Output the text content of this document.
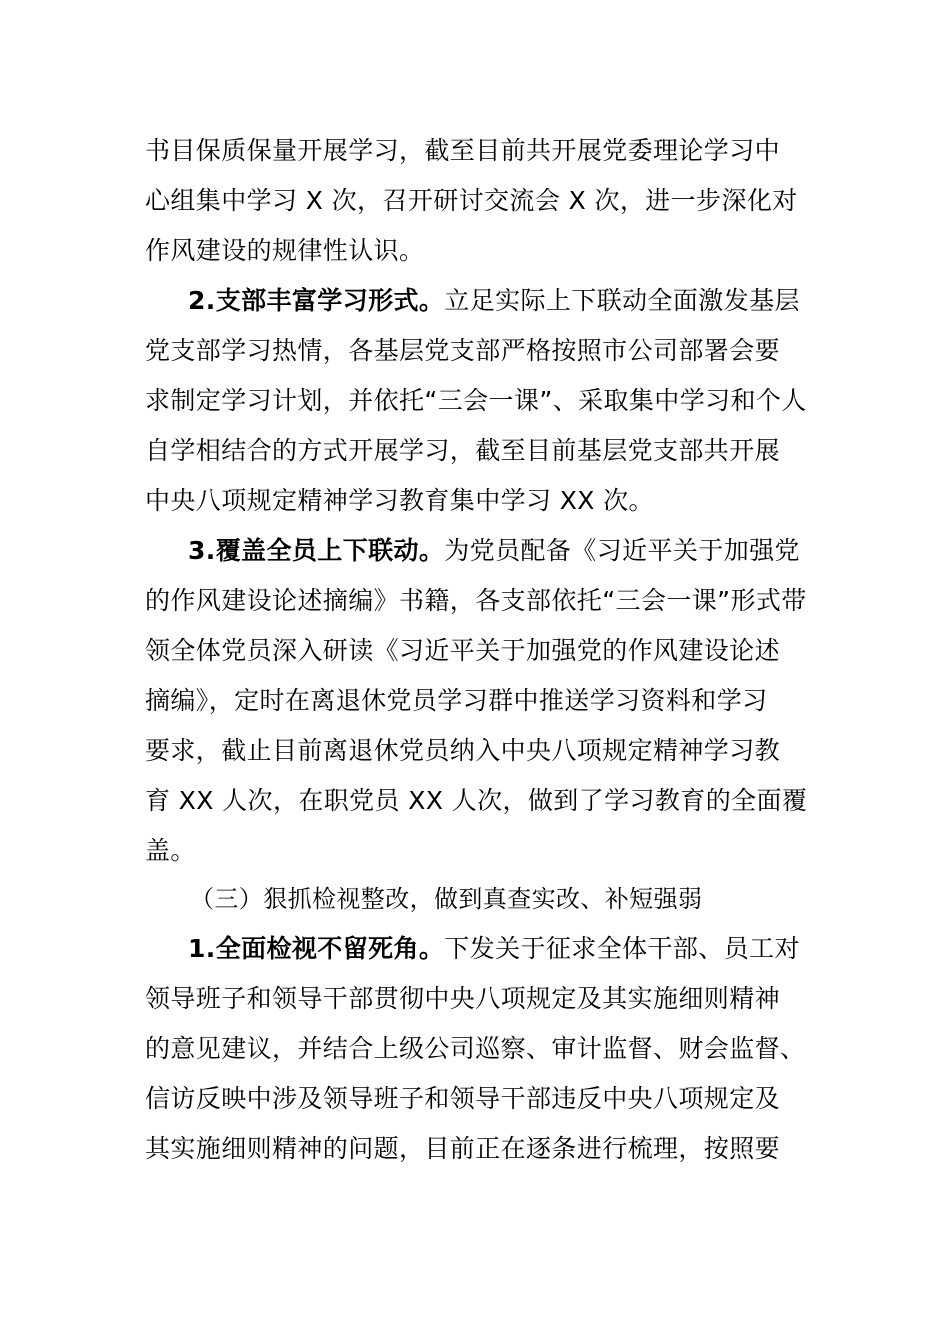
书目保质保量开展学习，截至目前共开展党委理论学习中
心组集中学习 X 次，召开研讨交流会 X 次，进一步深化对
作风建设的规律性认识。
2.支部丰富学习形式。立足实际上下联动全面激发基层
党支部学习热情，各基层党支部严格按照市公司部署会要
求制定学习计划，并依托“三会一课”、采取集中学习和个人
自学相结合的方式开展学习，截至目前基层党支部共开展
中央八项规定精神学习教育集中学习 XX 次。
3.覆盖全员上下联动。为党员配备《习近平关于加强党
的作风建设论述摘编》书籍，各支部依托“三会一课”形式带
领全体党员深入研读《习近平关于加强党的作风建设论述
摘编》，定时在离退休党员学习群中推送学习资料和学习
要求，截止目前离退休党员纳入中央八项规定精神学习教
育 XX 人次，在职党员 XX 人次，做到了学习教育的全面覆
盖。
（三）狠抓检视整改，做到真查实改、补短强弱
1.全面检视不留死角。下发关于征求全体干部、员工对
领导班子和领导干部贯彻中央八项规定及其实施细则精神
的意见建议，并结合上级公司巡察、审计监督、财会监督、
信访反映中涉及领导班子和领导干部违反中央八项规定及
其实施细则精神的问题，目前正在逐条进行梳理，按照要
